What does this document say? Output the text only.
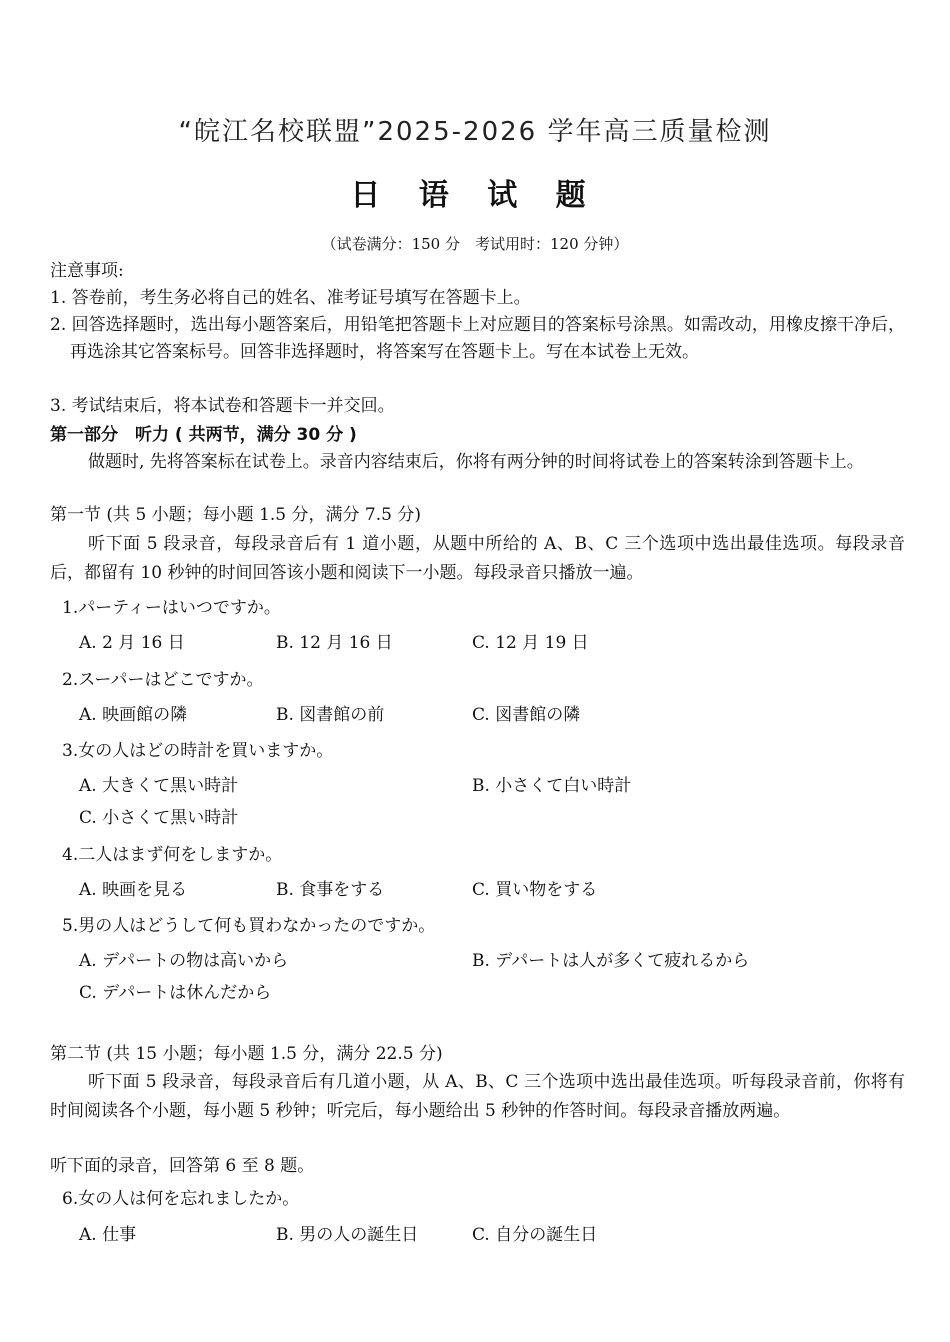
“皖江名校联盟”2025-2026 学年高三质量检测
日 语 试 题
（试卷满分：150 分　考试用时：120 分钟）
注意事项:
1. 答卷前，考生务必将自己的姓名、准考证号填写在答题卡上。
2. 回答选择题时，选出每小题答案后，用铅笔把答题卡上对应题目的答案标号涂黑。如需改动，用橡皮擦干净后，再选涂其它答案标号。回答非选择题时，将答案写在答题卡上。写在本试卷上无效。
3. 考试结束后，将本试卷和答题卡一并交回。
第一部分　听力 ( 共两节，满分 30 分 )
做题时, 先将答案标在试卷上。录音内容结束后，你将有两分钟的时间将试卷上的答案转涂到答题卡上。
第一节 (共 5 小题；每小题 1.5 分，满分 7.5 分)
听下面 5 段录音，每段录音后有 1 道小题，从题中所给的 A、B、C 三个选项中选出最佳选项。每段录音后，都留有 10 秒钟的时间回答该小题和阅读下一小题。每段录音只播放一遍。
1.パーティーはいつですか。
A. 2 月 16 日	B. 12 月 16 日	C. 12 月 19 日
2.スーパーはどこですか。
A. 映画館の隣	B. 図書館の前	C. 図書館の隣
3.女の人はどの時計を買いますか。
A. 大きくて黒い時計	B. 小さくて白い時計
C. 小さくて黒い時計
4.二人はまず何をしますか。
A. 映画を見る	B. 食事をする	C. 買い物をする
5.男の人はどうして何も買わなかったのですか。
A. デパートの物は高いから	B. デパートは人が多くて疲れるから
C. デパートは休んだから
第二节 (共 15 小题；每小题 1.5 分，满分 22.5 分)
听下面 5 段录音，每段录音后有几道小题，从 A、B、C 三个选项中选出最佳选项。听每段录音前，你将有时间阅读各个小题，每小题 5 秒钟；听完后，每小题给出 5 秒钟的作答时间。每段录音播放两遍。
听下面的录音，回答第 6 至 8 题。
6.女の人は何を忘れましたか。
A. 仕事	B. 男の人の誕生日	C. 自分の誕生日
